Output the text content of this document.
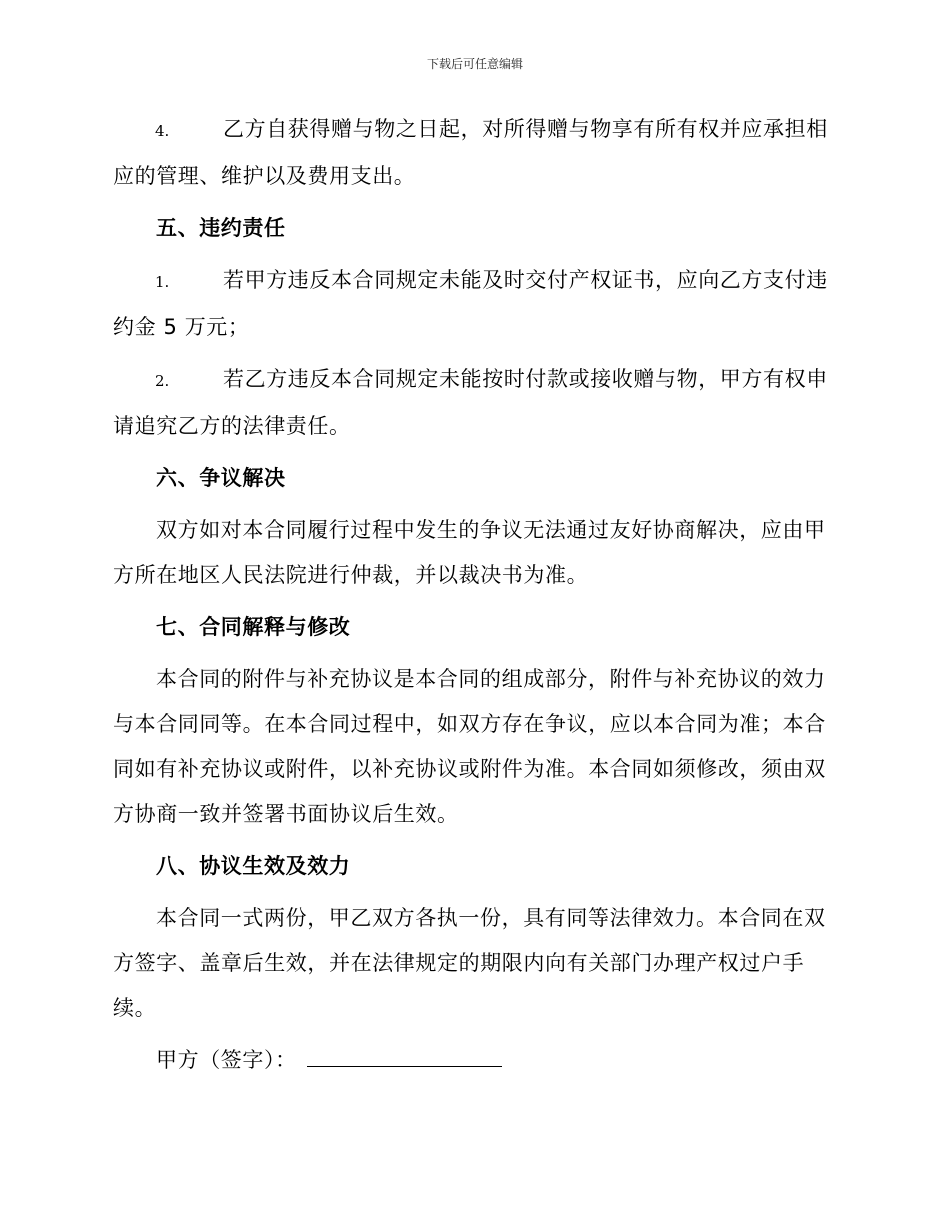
下载后可任意编辑
4.	乙方自获得赠与物之日起，对所得赠与物享有所有权并应承担相应的管理、维护以及费用支出。
五、违约责任
1.	若甲方违反本合同规定未能及时交付产权证书，应向乙方支付违约金 5 万元；
2.	若乙方违反本合同规定未能按时付款或接收赠与物，甲方有权申请追究乙方的法律责任。
六、争议解决
双方如对本合同履行过程中发生的争议无法通过友好协商解决，应由甲方所在地区人民法院进行仲裁，并以裁决书为准。
七、合同解释与修改
本合同的附件与补充协议是本合同的组成部分，附件与补充协议的效力与本合同同等。在本合同过程中，如双方存在争议，应以本合同为准；本合同如有补充协议或附件，以补充协议或附件为准。本合同如须修改，须由双方协商一致并签署书面协议后生效。
八、协议生效及效力
本合同一式两份，甲乙双方各执一份，具有同等法律效力。本合同在双方签字、盖章后生效，并在法律规定的期限内向有关部门办理产权过户手续。
甲方（签字）：
